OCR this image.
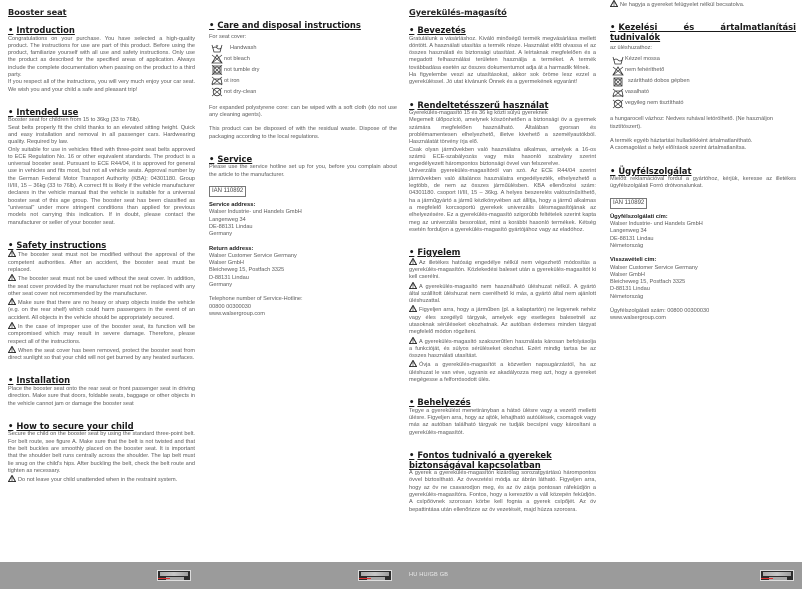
Booster seat
• Introduction

Congratulations on your purchase. You have selected a high-quality product. The instructions for use are part of this product. Before using the product, familiarize yourself with all use and safety instructions. Only use the product as described for the specified areas of application. Always include the complete documentation when passing on the product to a third party.

If you respect all of the instructions, you will very much enjoy your car seat. We wish you and your child a safe and pleasant trip!

• Intended use

Booster seat for children from 15 to 36kg (33 to 76lb).

Seat belts properly fit the child thanks to an elevated sitting height. Quick and easy installation and removal in all passenger cars. Hardwearing quality. Required by law.

Only suitable for use in vehicles fitted with three-point seat belts approved to ECE Regulation No. 16 or other equivalent standards. The product is a universal booster seat. Pursuant to ECE R44/04, it is approved for general use in vehicles and fits most, but not all vehicle seats. Approval number by the German Federal Motor Transport Authority (KBA): 04301180. Group II/III, 15 – 36kg (33 to 76lb). A correct fit is likely if the vehicle manufacturer declares in the vehicle manual that the vehicle is suitable for a universal booster seat of this age group. The booster seat has been classified as "universal" under more stringent conditions than applied for previous models not carrying this indication. If in doubt, please contact the manufacturer or seller of your booster seat.

• Safety instructions

The booster seat must not be modified without the approval of the competent authorities. After an accident, the booster seat must be replaced.

The booster seat must not be used without the seat cover. In addition, the seat cover provided by the manufacturer must not be replaced with any other seat cover not recommended by the manufacturer.

Make sure that there are no heavy or sharp objects inside the vehicle (e.g. on the rear shelf) which could harm passengers in the event of an accident. All objects in the vehicle should be appropriately secured.

In the case of improper use of the booster seat, its function will be compromised which may result in severe damage. Therefore, please respect all of the instructions.

When the seat cover has been removed, protect the booster seat from direct sunlight so that your child will not get burned by any heated surfaces.

• Installation

Place the booster seat onto the rear seat or front passenger seat in driving direction. Make sure that doors, foldable seats, baggage or other objects in the vehicle cannot jam or damage the booster seat

• How to secure your child

Secure the child on the booster seat by using the standard three-point belt. For belt route, see figure A. Make sure that the belt is not twisted and that the belt buckles are smoothly placed on the booster seat. It is important that the shoulder belt runs centrally across the shoulder. The lap belt must lie snug on the child's hips. After buckling the belt, check the belt route and tighten as necessary.

Do not leave your child unattended when in the restraint system.

• Care and disposal instructions

For seat cover:

Handwash
not bleach
not tumble dry
ot iron
not dry-clean

For expanded polystyrene core: can be wiped with a soft cloth (do not use any cleaning agents).

This product can be disposed of with the residual waste. Dispose of the packaging according to the local regulations.

• Service

Please use the service hotline set up for you, before you complain about the article to the manufacturer.

IAN 110892
Service address:
Walser Industrie- und Handels GmbH
Langenweg 34
DE-88131 Lindau
Germany
Return address:
Walser Customer Service Germany
Walser GmbH
Bleicheweg 15, Postfach 3325
D-88131 Lindau
Germany
Telephone number of Service-Hotline:
00800 00300030
www.walsergroup.com
Gyerekülés-magasító
• Bevezetés

Gratulálunk a vásárláshoz. Kiváló minőségű termék megvásárlása mellett döntött. A használati utasítás a termék része. Használat előtt olvassa el az összes használati és biztonsági utasítást. A leírtaknak megfelelően és a megadott felhasználási területen használja a terméket. A termék továbbadása esetén az összes dokumentumot adja át a harmadik félnek.

Ha figyelembe veszi az utasításokat, akkor sok öröme lesz ezzel a gyereküléssel. Jó utat kívánunk Önnek és a gyermekének egyaránt!

• Rendeltetésszerű használat

Gyerekülés-magasító 15 és 36 kg közti súlyú gyereknek

Megemelt ülőpozíció, amelynek köszönhetően a biztonsági öv a gyermek számára megfelelően használható. Általában gyorsan és problémamentesen elhelyezhető, illetve kivehető a személyautókból. Használatát törvény írja elő.

Csak olyan járművekben való használatra alkalmas, amelyek a 16-os számú ECE-szabályozás vagy más hasonló szabvány szerint engedélyezett hárompontos biztonsági övvel van felszerelve.

Univerzális gyerekülés-magasítóról van szó. Az ECE R44/04 szerint járművekben való általános használatra engedélyezték, elhelyezhető a legtöbb, de nem az összes járműülésben. KBA ellenőrzési szám: 04301180. csoport II/III, 15 – 36kg. A helyes beszerelés valószínűsíthető, ha a járműgyártó a jármű kézikönyvében azt állítja, hogy a jármű alkalmas a megfelelő korcsoportú gyerekek univerzális ülésmagasítójának az elhelyezésére. Ez a gyerekülés-magasító szigorúbb feltételek szerint kapta meg az univerzális besorolást, mint a korábbi hasonló termékek. Kétség esetén forduljon a gyerekülés-magasító gyártójához vagy az eladóhoz.

• Figyelem

Az illetékes hatóság engedélye nélkül nem végezhető módosítás a gyerekülés-magasítón. Közlekedési baleset után a gyerekülés-magasítót ki kell cserélni.

A gyerekülés-magasító nem használható üléshuzat nélkül. A gyártó által szállított üléshuzat nem cserélhető ki más, a gyártó által nem ajánlott üléshuzattal.

Figyeljen arra, hogy a járműben (pl. a kalaptartón) ne legyenek nehéz vagy éles szegélyű tárgyak, amelyek egy esetleges balesetnél az utasoknak sérüléseket okozhatnak. Az autóban érdemes minden tárgyat megfelelő módon rögzíteni.

A gyerekülés-magasító szakszerűtlen használata károsan befolyásolja a funkcióját, és súlyos sérüléseket okozhat. Ezért mindig tartsa be az összes használati utasítást.

Óvja a gyerekülés-magasítót a közvetlen napsugárzástól, ha az üléshuzat le van véve, ugyanis ez akadályozza meg azt, hogy a gyereket megégesse a felforrósodott ülés.

• Behelyezés

Tegye a gyerekülést menetirányban a hátsó ülésre vagy a vezető melletti ülésre. Figyeljen arra, hogy az ajtók, lehajtható autóülések, csomagok vagy más az autóban található tárgyak ne tudják becsípni vagy károsítani a gyerekülés-magasítót.

• Fontos tudnivaló a gyerekek
biztonságával kapcsolatban

A gyerek a gyerekülés-magasítón kizárólag sorozatgyártású hárompontos övvel biztosítható. Az övvezetési módja az ábrán látható. Figyeljen arra, hogy az öv ne csavarodjon meg, és az öv zárja pontosan ráfeküdjön a gyerekülés-magasítóra. Fontos, hogy a keresztöv a váll közepén feküdjön. A csípőövnek szorosan körbe kell fognia a gyerek csípőjét. Az öv bepattintása után ellenőrizze az öv vezetését, majd húzza szorosra.

Ne hagyja a gyereket felügyelet nélkül becsatolva.

• Kezelési és ártalmatlanítási tudnivalók

az üléshuzathoz:

Kézzel mossa
nem fehéríthető
szárítható dobos gépben
vasalható
vegyileg nem tisztítható

a hungarocell vázhoz: Nedves ruhával letörölhető. (Ne használjon tisztítószert).

A termék egyéb háztartási hulladékként ártalmatlanítható.

A csomagolást a helyi előírások szerint ártalmatlanítsa.

• Ügyfélszolgálat

Mielőtt reklamációval fordul a gyártóhoz, kérjük, keresse az illetékes ügyfélszolgálati Forró drótvonalunkat.

IAN 110892
Ügyfélszolgálati cím:
Walser Industrie- und Handels GmbH
Langenweg 34
DE-88131 Lindau
Németország
Visszavételi cím:
Walser Customer Service Germany
Walser GmbH
Bleicheweg 15, Postfach 3325
D-88131 Lindau
Németország
Ügyfélszolgálati szám: 00800 00300030
www.walsergroup.com
HU HU/GB GB
